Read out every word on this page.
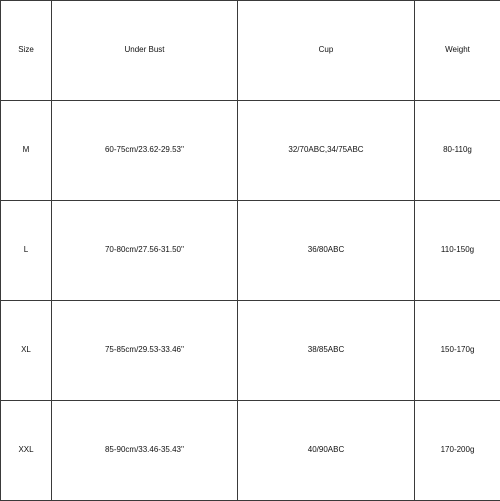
Size	Under Bust	Cup	Weight
M	60-75cm/23.62-29.53''	32/70ABC,34/75ABC	80-110g
L	70-80cm/27.56-31.50''	36/80ABC	110-150g
XL	75-85cm/29.53-33.46''	38/85ABC	150-170g
XXL	85-90cm/33.46-35.43''	40/90ABC	170-200g
